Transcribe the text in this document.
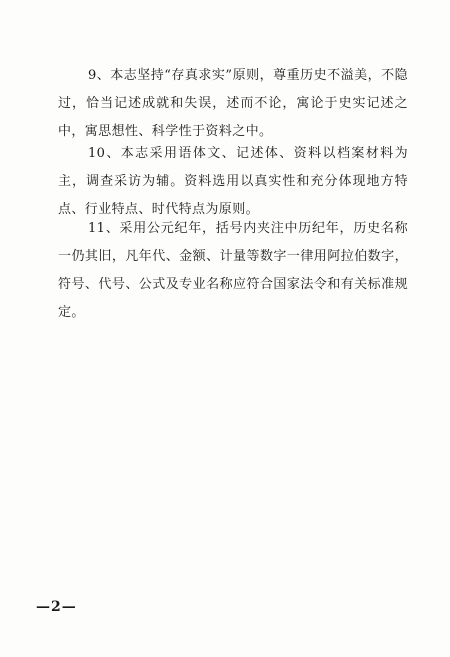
9、本志坚持“存真求实”原则，尊重历史不溢美，不隐过，恰当记述成就和失误，述而不论，寓论于史实记述之中，寓思想性、科学性于资料之中。

10、本志采用语体文、记述体、资料以档案材料为主，调查采访为辅。资料选用以真实性和充分体现地方特点、行业特点、时代特点为原则。

11、采用公元纪年，括号内夹注中历纪年，历史名称一仍其旧，凡年代、金额、计量等数字一律用阿拉伯数字，符号、代号、公式及专业名称应符合国家法令和有关标准规定。

—2—
